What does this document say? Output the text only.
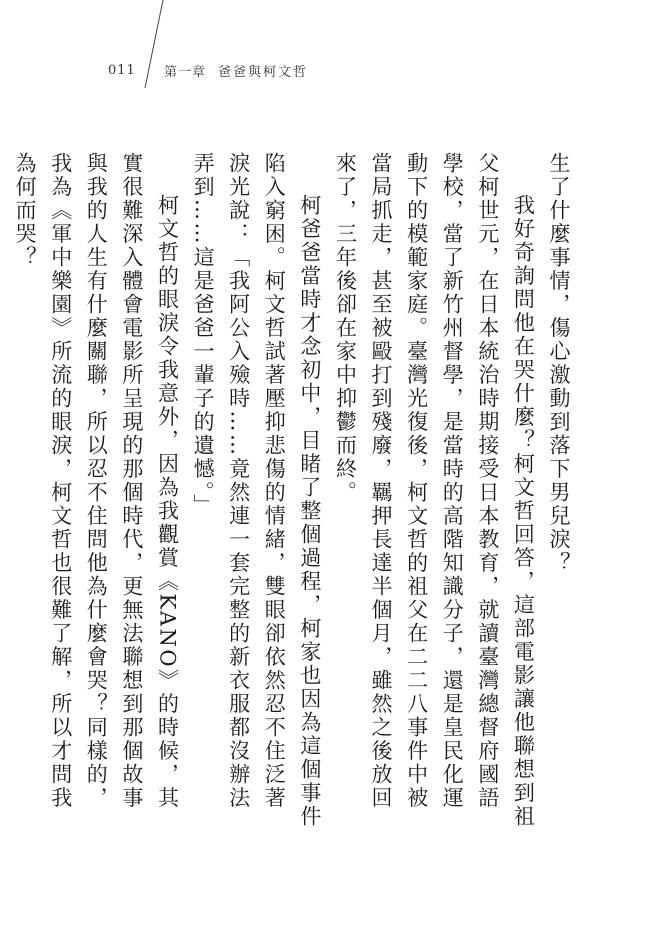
011	第一章 爸爸與柯文哲

生了什麼事情，傷心激動到落下男兒淚？

我好奇詢問他在哭什麼？柯文哲回答，這部電影讓他聯想到祖父柯世元，在日本統治時期接受日本教育，就讀臺灣總督府國語學校，當了新竹州督學，是當時的高階知識分子，還是皇民化運動下的模範家庭。臺灣光復後，柯文哲的祖父在二二八事件中被當局抓走，甚至被毆打到殘廢，羈押長達半個月，雖然之後放回來了，三年後卻在家中抑鬱而終。

柯爸爸當時才念初中，目睹了整個過程，柯家也因為這個事件陷入窮困。柯文哲試著壓抑悲傷的情緒，雙眼卻依然忍不住泛著淚光說：「我阿公入殮時……竟然連一套完整的新衣服都沒辦法弄到……這是爸爸一輩子的遺憾。」

柯文哲的眼淚令我意外，因為我觀賞《KANO》的時候，其實很難深入體會電影所呈現的那個時代，更無法聯想到那個故事與我的人生有什麼關聯，所以忍不住問他為什麼會哭？同樣的，我為《軍中樂園》所流的眼淚，柯文哲也很難了解，所以才問我為何而哭？
